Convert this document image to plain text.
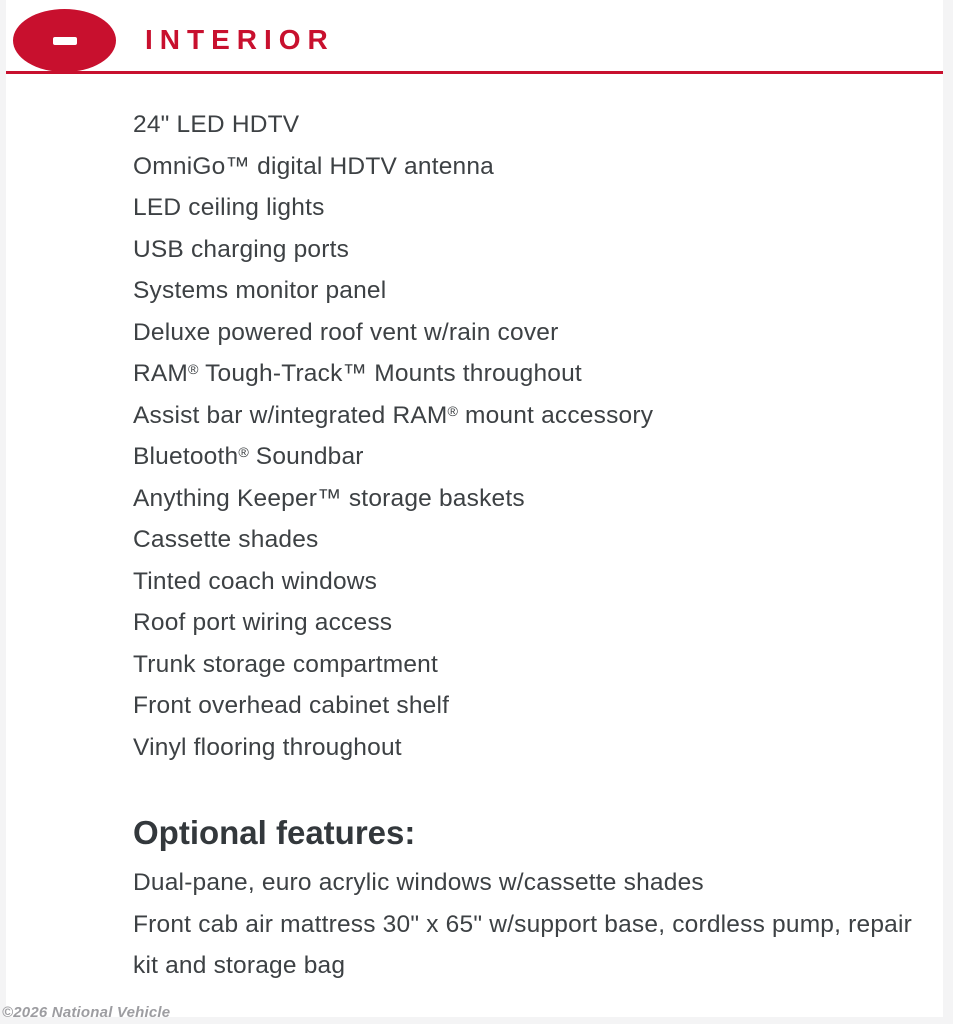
INTERIOR
24" LED HDTV
OmniGo™ digital HDTV antenna
LED ceiling lights
USB charging ports
Systems monitor panel
Deluxe powered roof vent w/rain cover
RAM® Tough-Track™ Mounts throughout
Assist bar w/integrated RAM® mount accessory
Bluetooth® Soundbar
Anything Keeper™ storage baskets
Cassette shades
Tinted coach windows
Roof port wiring access
Trunk storage compartment
Front overhead cabinet shelf
Vinyl flooring throughout
Optional features:
Dual-pane, euro acrylic windows w/cassette shades
Front cab air mattress 30" x 65" w/support base, cordless pump, repair kit and storage bag
©2026 National Vehicle
